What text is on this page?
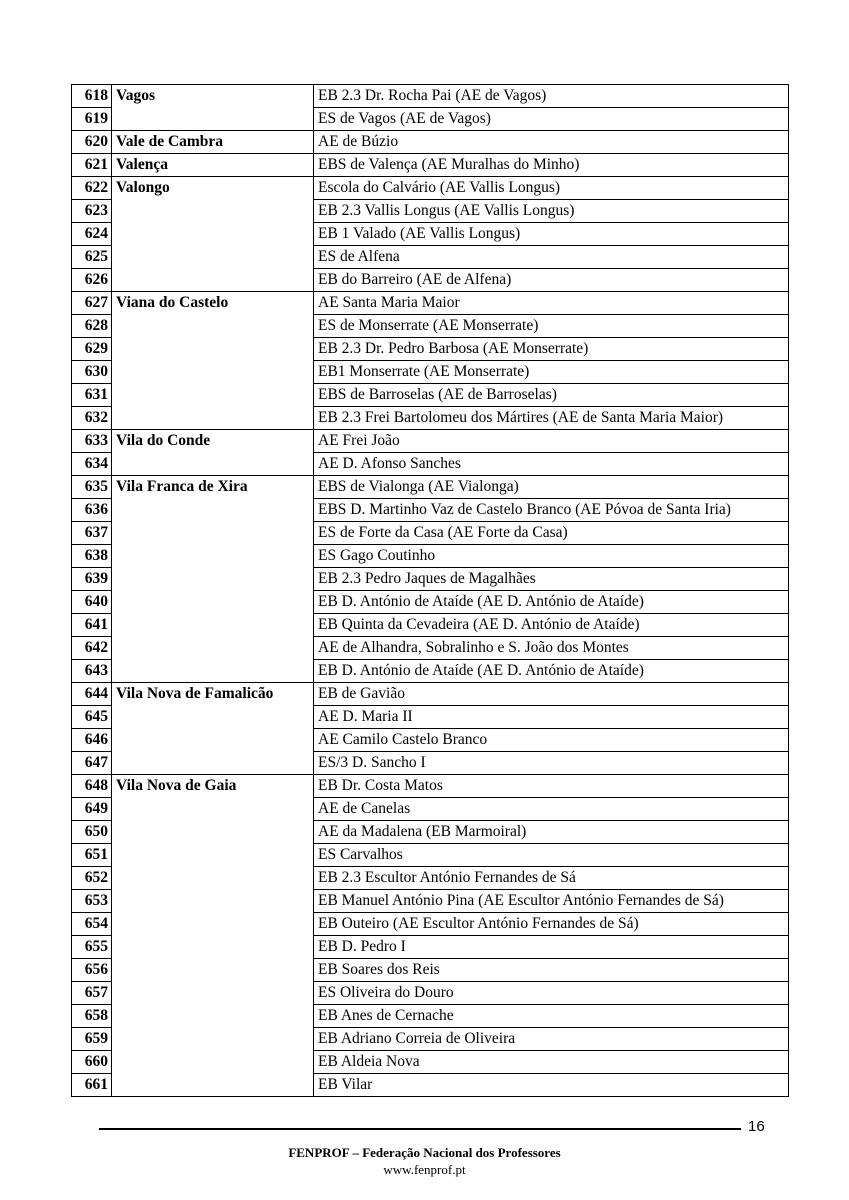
618	Vagos	EB 2.3 Dr. Rocha Pai (AE de Vagos)
619		ES de Vagos (AE de Vagos)
620	Vale de Cambra	AE de Búzio
621	Valença	EBS de Valença (AE Muralhas do Minho)
622	Valongo	Escola do Calvário (AE Vallis Longus)
623		EB 2.3 Vallis Longus (AE Vallis Longus)
624		EB 1 Valado (AE Vallis Longus)
625		ES de Alfena
626		EB do Barreiro (AE de Alfena)
627	Viana do Castelo	AE Santa Maria Maior
628		ES de Monserrate (AE Monserrate)
629		EB 2.3 Dr. Pedro Barbosa (AE Monserrate)
630		EB1 Monserrate (AE Monserrate)
631		EBS de Barroselas (AE de Barroselas)
632		EB 2.3 Frei Bartolomeu dos Mártires (AE de Santa Maria Maior)
633	Vila do Conde	AE Frei João
634		AE D. Afonso Sanches
635	Vila Franca de Xira	EBS de Vialonga (AE Vialonga)
636		EBS D. Martinho Vaz de Castelo Branco (AE Póvoa de Santa Iria)
637		ES de Forte da Casa (AE Forte da Casa)
638		ES Gago Coutinho
639		EB 2.3 Pedro Jaques de Magalhães
640		EB D. António de Ataíde (AE D. António de Ataíde)
641		EB Quinta da Cevadeira (AE D. António de Ataíde)
642		AE de Alhandra, Sobralinho e S. João dos Montes
643		EB D. António de Ataíde (AE D. António de Ataíde)
644	Vila Nova de Famalicão	EB de Gavião
645		AE D. Maria II
646		AE Camilo Castelo Branco
647		ES/3 D. Sancho I
648	Vila Nova de Gaia	EB Dr. Costa Matos
649		AE de Canelas
650		AE da Madalena (EB Marmoiral)
651		ES Carvalhos
652		EB 2.3 Escultor António Fernandes de Sá
653		EB Manuel António Pina (AE Escultor António Fernandes de Sá)
654		EB Outeiro (AE Escultor António Fernandes de Sá)
655		EB D. Pedro I
656		EB Soares dos Reis
657		ES Oliveira do Douro
658		EB Anes de Cernache
659		EB Adriano Correia de Oliveira
660		EB Aldeia Nova
661		EB Vilar
16
FENPROF – Federação Nacional dos Professores
www.fenprof.pt
